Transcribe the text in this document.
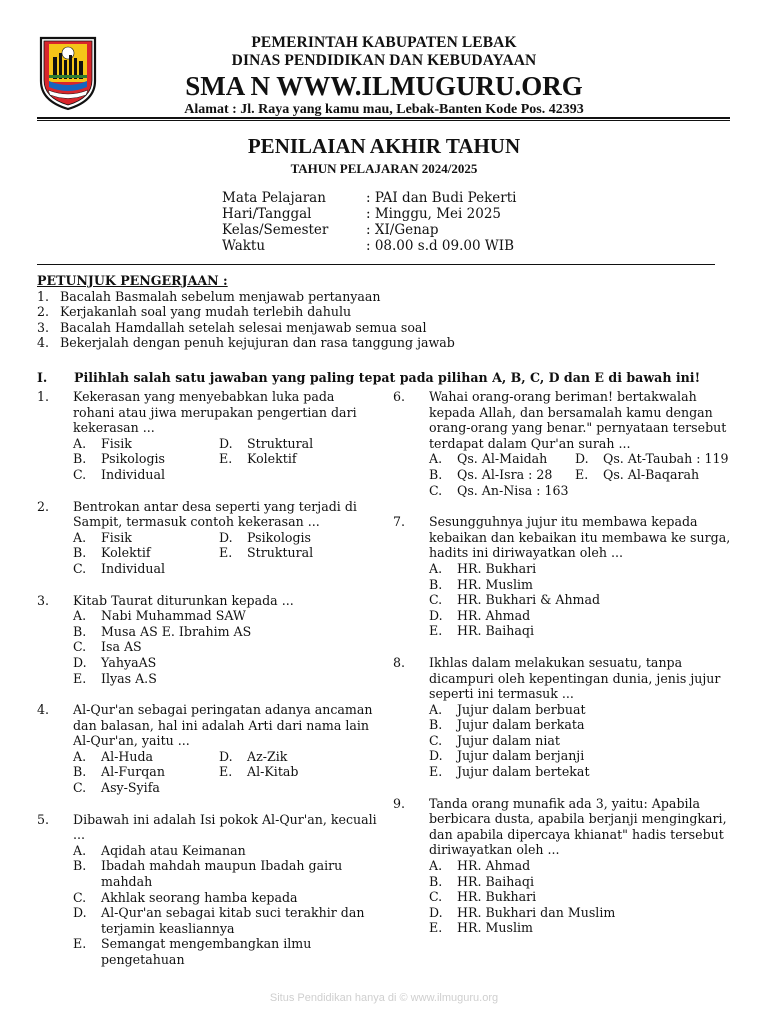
PEMERINTAH KABUPATEN LEBAK
DINAS PENDIDIKAN DAN KEBUDAYAAN
SMA N WWW.ILMUGURU.ORG
Alamat : Jl. Raya yang kamu mau, Lebak-Banten Kode Pos. 42393
PENILAIAN AKHIR TAHUN
TAHUN PELAJARAN 2024/2025
Mata Pelajaran	: PAI dan Budi Pekerti
Hari/Tanggal	: Minggu, Mei 2025
Kelas/Semester	: XI/Genap
Waktu	: 08.00 s.d 09.00 WIB
PETUNJUK PENGERJAAN :
1. Bacalah Basmalah sebelum menjawab pertanyaan
2. Kerjakanlah soal yang mudah terlebih dahulu
3. Bacalah Hamdallah setelah selesai menjawab semua soal
4. Bekerjalah dengan penuh kejujuran dan rasa tanggung jawab
I.	Pilihlah salah satu jawaban yang paling tepat pada pilihan A, B, C, D dan E di bawah ini!
1.	Kekerasan yang menyebabkan luka pada rohani atau jiwa merupakan pengertian dari kekerasan ...
A.	Fisik	D.	Struktural
B.	Psikologis	E.	Kolektif
C.	Individual
2.	Bentrokan antar desa seperti yang terjadi di Sampit, termasuk contoh kekerasan ...
A.	Fisik	D.	Psikologis
B.	Kolektif	E.	Struktural
C.	Individual
3.	Kitab Taurat diturunkan kepada ...
A.	Nabi Muhammad SAW
B.	Musa AS E. Ibrahim AS
C.	Isa AS
D.	YahyaAS
E.	Ilyas A.S
4.	Al-Qur'an sebagai peringatan adanya ancaman dan balasan, hal ini adalah Arti dari nama lain Al-Qur'an, yaitu ...
A.	Al-Huda	D.	Az-Zik
B.	Al-Furqan	E.	Al-Kitab
C.	Asy-Syifa
5.	Dibawah ini adalah Isi pokok Al-Qur'an, kecuali ...
A.	Aqidah atau Keimanan
B.	Ibadah mahdah maupun Ibadah gairu mahdah
C.	Akhlak seorang hamba kepada
D.	Al-Qur'an sebagai kitab suci terakhir dan terjamin keasliannya
E.	Semangat mengembangkan ilmu pengetahuan
6.	Wahai orang-orang beriman! bertakwalah kepada Allah, dan bersamalah kamu dengan orang-orang yang benar." pernyataan tersebut terdapat dalam Qur'an surah ...
A.	Qs. Al-Maidah	D.	Qs. At-Taubah : 119
B.	Qs. Al-Isra : 28	E.	Qs. Al-Baqarah
C.	Qs. An-Nisa : 163
7.	Sesungguhnya jujur itu membawa kepada kebaikan dan kebaikan itu membawa ke surga, hadits ini diriwayatkan oleh ...
A.	HR. Bukhari
B.	HR. Muslim
C.	HR. Bukhari & Ahmad
D.	HR. Ahmad
E.	HR. Baihaqi
8.	Ikhlas dalam melakukan sesuatu, tanpa dicampuri oleh kepentingan dunia, jenis jujur seperti ini termasuk ...
A.	Jujur dalam berbuat
B.	Jujur dalam berkata
C.	Jujur dalam niat
D.	Jujur dalam berjanji
E.	Jujur dalam bertekat
9.	Tanda orang munafik ada 3, yaitu: Apabila berbicara dusta, apabila berjanji mengingkari, dan apabila dipercaya khianat" hadis tersebut diriwayatkan oleh ...
A.	HR. Ahmad
B.	HR. Baihaqi
C.	HR. Bukhari
D.	HR. Bukhari dan Muslim
E.	HR. Muslim
Situs Pendidikan hanya di © www.ilmuguru.org
